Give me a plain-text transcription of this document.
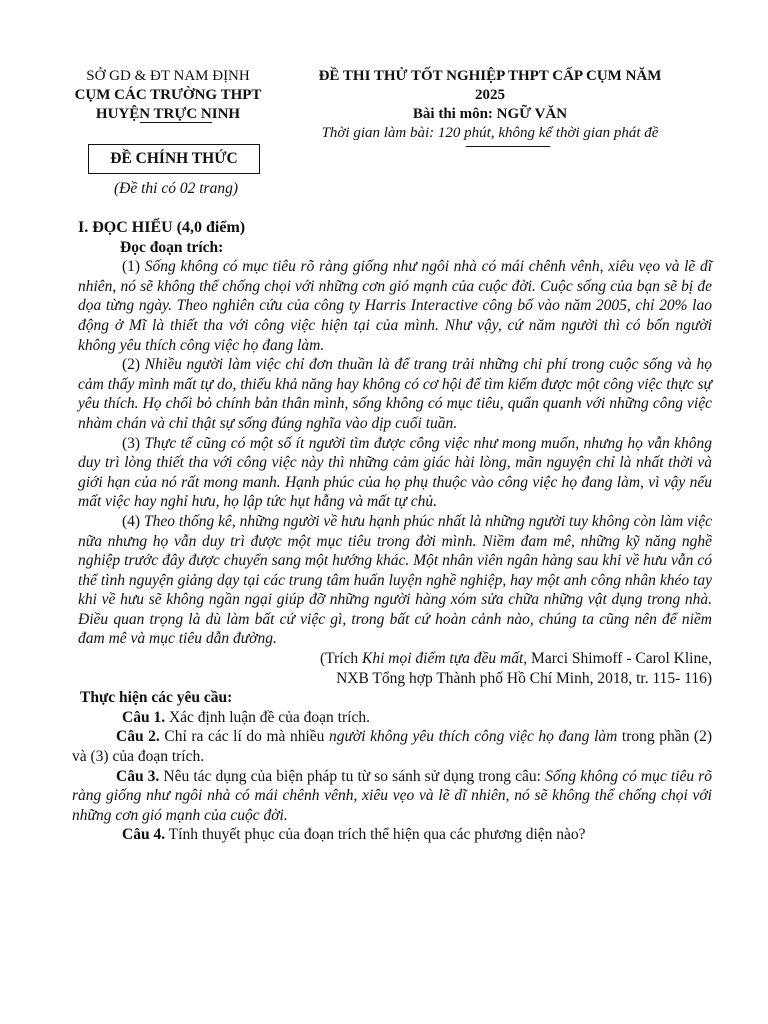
SỞ GD & ĐT NAM ĐỊNH
CỤM CÁC TRƯỜNG THPT
HUYỆN TRỰC NINH
ĐỀ THI THỬ TỐT NGHIỆP THPT CẤP CỤM NĂM
2025
Bài thi môn: NGỮ VĂN
Thời gian làm bài: 120 phút, không kể thời gian phát đề
ĐỀ CHÍNH THỨC
(Đề thi có 02 trang)

I. ĐỌC HIỂU (4,0 điểm)

Đọc đoạn trích:

(1) Sống không có mục tiêu rõ ràng giống như ngôi nhà có mái chênh vênh, xiêu vẹo và lẽ dĩ nhiên, nó sẽ không thể chống chọi với những cơn gió mạnh của cuộc đời. Cuộc sống của bạn sẽ bị đe dọa từng ngày. Theo nghiên cứu của công ty Harris Interactive công bố vào năm 2005, chỉ 20% lao động ở Mĩ là thiết tha với công việc hiện tại của mình. Như vậy, cứ năm người thì có bốn người không yêu thích công việc họ đang làm.

(2) Nhiều người làm việc chỉ đơn thuần là để trang trải những chi phí trong cuộc sống và họ cảm thấy mình mất tự do, thiếu khả năng hay không có cơ hội để tìm kiếm được một công việc thực sự yêu thích. Họ chối bỏ chính bản thân mình, sống không có mục tiêu, quẩn quanh với những công việc nhàm chán và chỉ thật sự sống đúng nghĩa vào dịp cuối tuần.

(3) Thực tế cũng có một số ít người tìm được công việc như mong muốn, nhưng họ vẫn không duy trì lòng thiết tha với công việc này thì những cảm giác hài lòng, mãn nguyện chỉ là nhất thời và giới hạn của nó rất mong manh. Hạnh phúc của họ phụ thuộc vào công việc họ đang làm, vì vậy nếu mất việc hay nghỉ hưu, họ lập tức hụt hẫng và mất tự chủ.

(4) Theo thống kê, những người về hưu hạnh phúc nhất là những người tuy không còn làm việc nữa nhưng họ vẫn duy trì được một mục tiêu trong đời mình. Niềm đam mê, những kỹ năng nghề nghiệp trước đây được chuyển sang một hướng khác. Một nhân viên ngân hàng sau khi về hưu vẫn có thể tình nguyện giảng dạy tại các trung tâm huấn luyện nghề nghiệp, hay một anh công nhân khéo tay khi về hưu sẽ không ngần ngại giúp đỡ những người hàng xóm sửa chữa những vật dụng trong nhà. Điều quan trọng là dù làm bất cứ việc gì, trong bất cứ hoàn cảnh nào, chúng ta cũng nên để niềm đam mê và mục tiêu dẫn đường.

(Trích Khi mọi điểm tựa đều mất, Marci Shimoff - Carol Kline,

NXB Tổng hợp Thành phố Hồ Chí Minh, 2018, tr. 115- 116)

Thực hiện các yêu cầu:

Câu 1. Xác định luận đề của đoạn trích.

Câu 2. Chỉ ra các lí do mà nhiều người không yêu thích công việc họ đang làm trong phần (2) và (3) của đoạn trích.

Câu 3. Nêu tác dụng của biện pháp tu từ so sánh sử dụng trong câu: Sống không có mục tiêu rõ ràng giống như ngôi nhà có mái chênh vênh, xiêu vẹo và lẽ dĩ nhiên, nó sẽ không thể chống chọi với những cơn gió mạnh của cuộc đời.

Câu 4. Tính thuyết phục của đoạn trích thể hiện qua các phương diện nào?
